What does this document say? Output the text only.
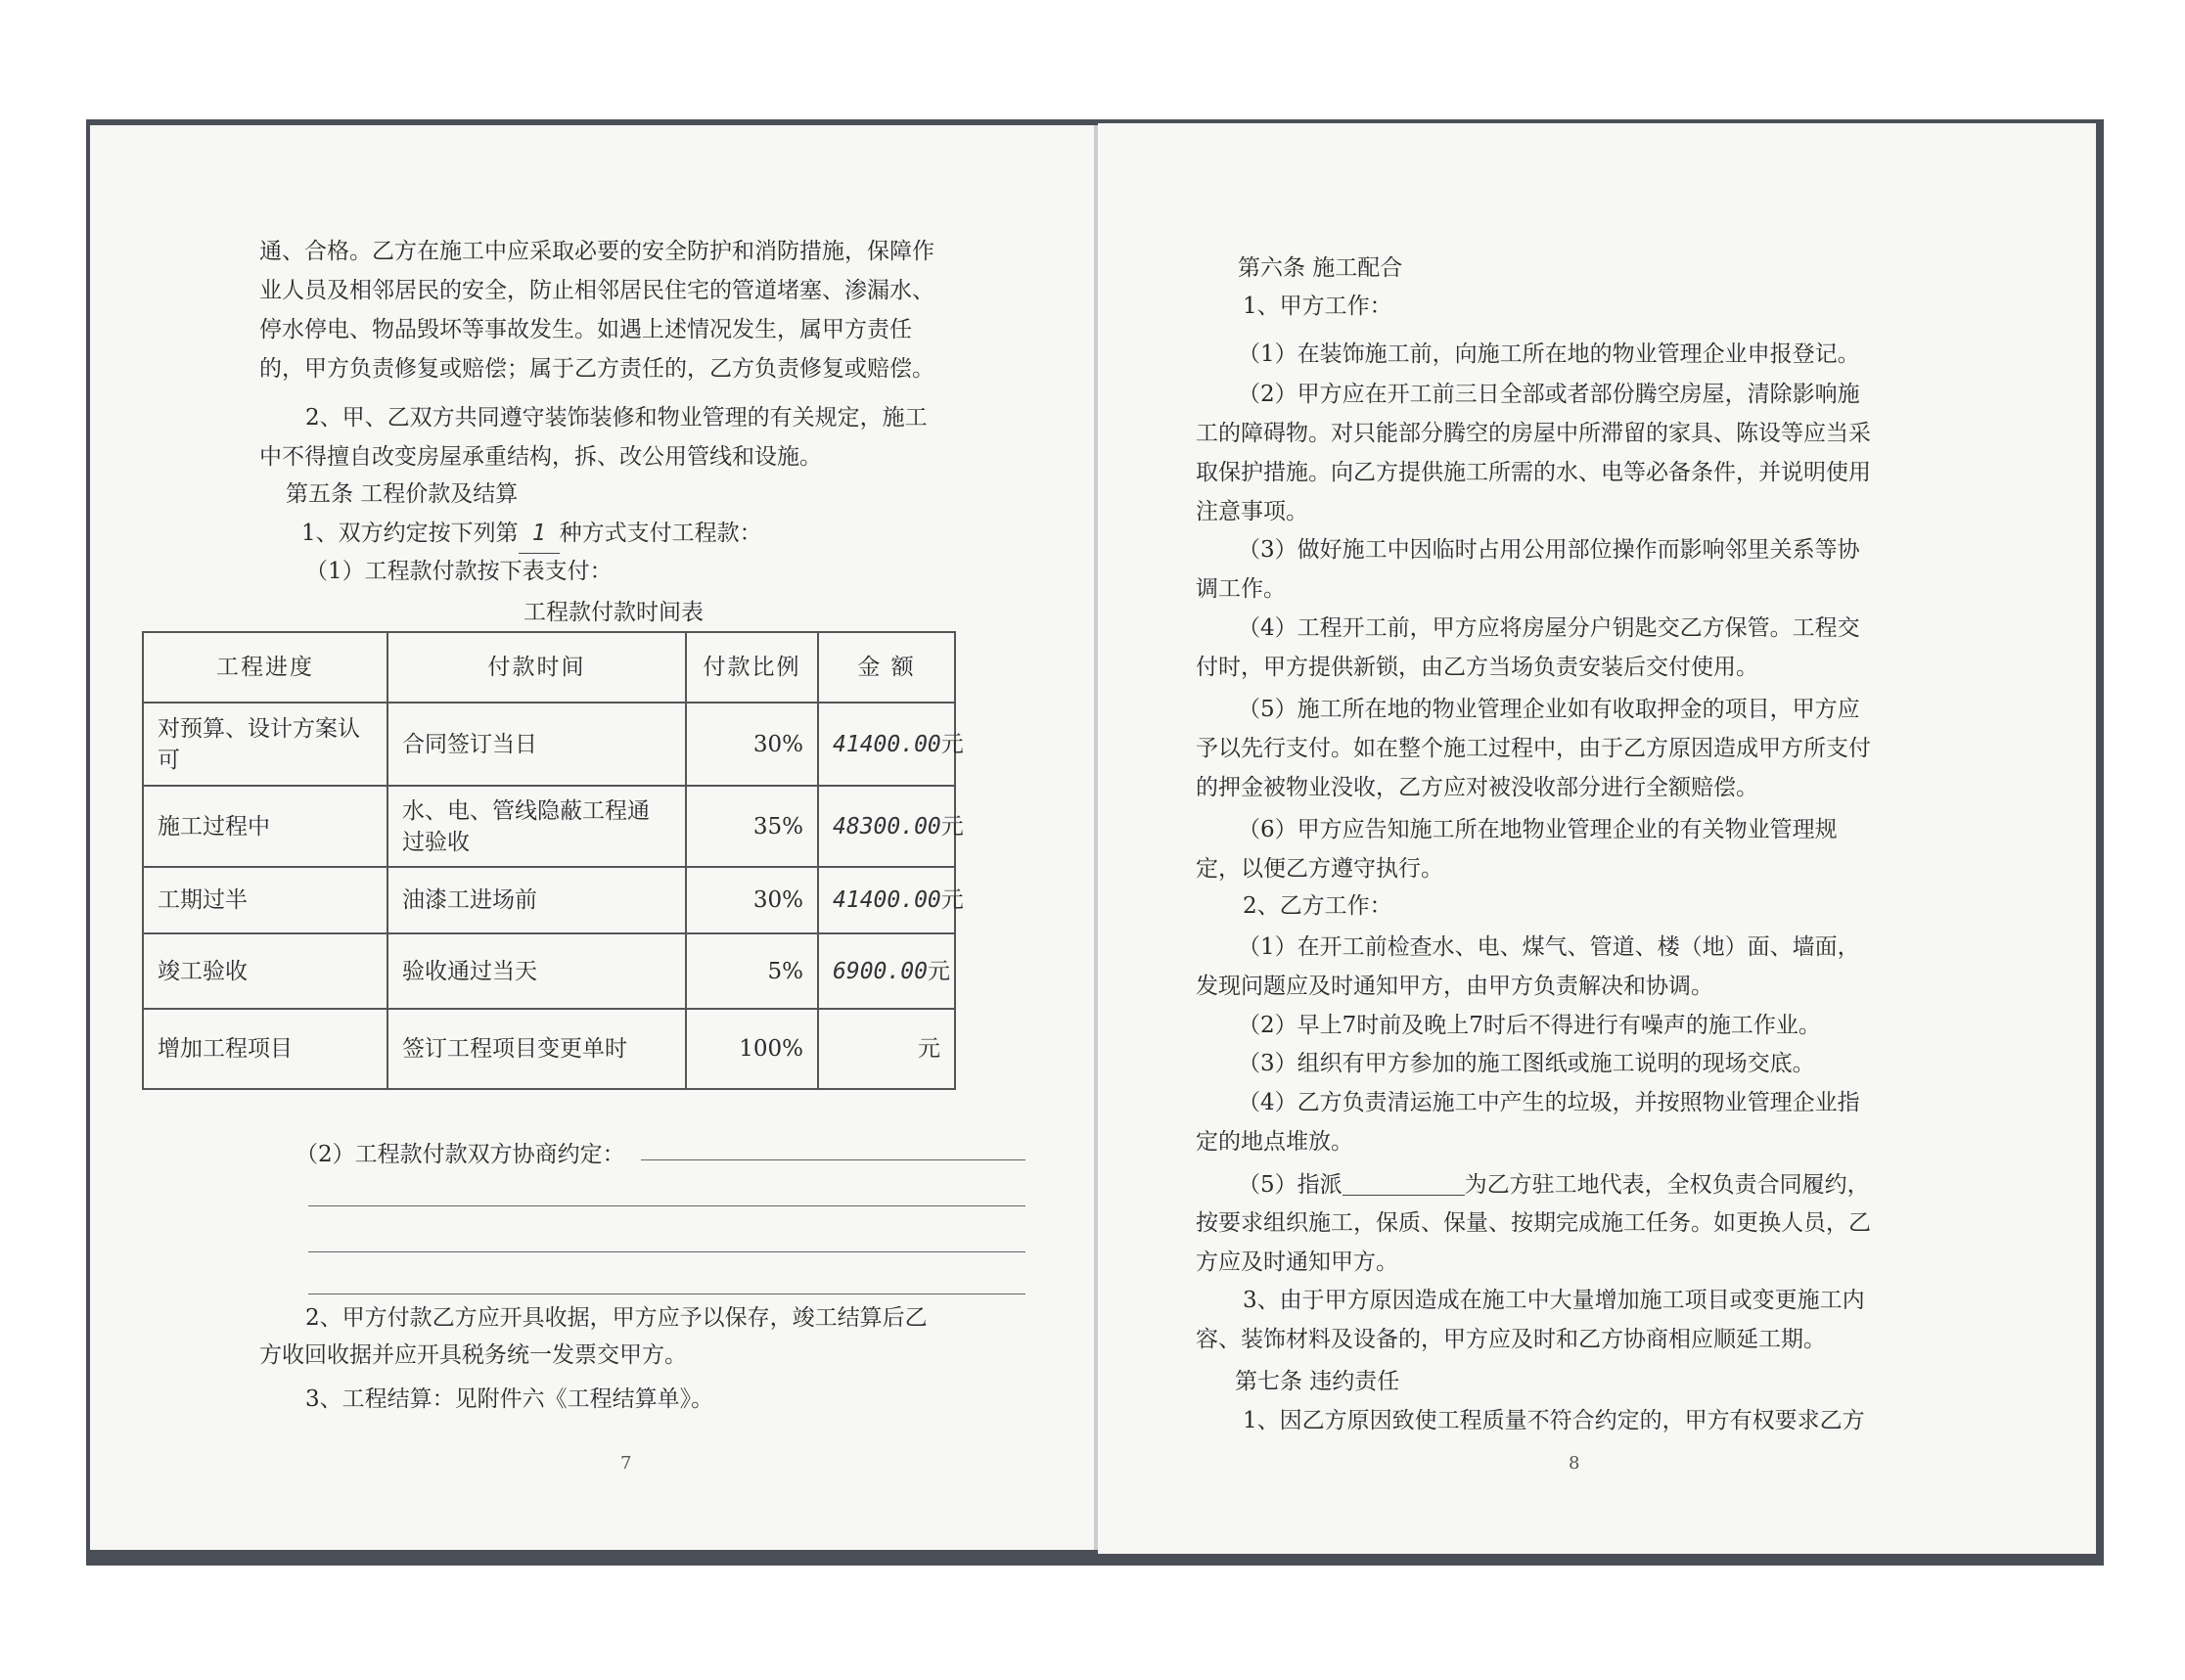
通、合格。乙方在施工中应采取必要的安全防护和消防措施，保障作
业人员及相邻居民的安全，防止相邻居民住宅的管道堵塞、渗漏水、
停水停电、物品毁坏等事故发生。如遇上述情况发生，属甲方责任
的，甲方负责修复或赔偿；属于乙方责任的，乙方负责修复或赔偿。
2、甲、乙双方共同遵守装饰装修和物业管理的有关规定，施工
中不得擅自改变房屋承重结构，拆、改公用管线和设施。
第五条 工程价款及结算
1、双方约定按下列第 1 种方式支付工程款：
（1）工程款付款按下表支付：
工程款付款时间表
工程进度	付款时间	付款比例	金 额
对预算、设计方案认可	合同签订当日	30%	41400.00元
施工过程中	水、电、管线隐蔽工程通过验收	35%	48300.00元
工期过半	油漆工进场前	30%	41400.00元
竣工验收	验收通过当天	5%	6900.00元
增加工程项目	签订工程项目变更单时	100%	元
（2）工程款付款双方协商约定：
2、甲方付款乙方应开具收据，甲方应予以保存，竣工结算后乙
方收回收据并应开具税务统一发票交甲方。
3、工程结算：见附件六《工程结算单》。
7
第六条 施工配合
1、甲方工作：
（1）在装饰施工前，向施工所在地的物业管理企业申报登记。
（2）甲方应在开工前三日全部或者部份腾空房屋，清除影响施
工的障碍物。对只能部分腾空的房屋中所滞留的家具、陈设等应当采
取保护措施。向乙方提供施工所需的水、电等必备条件，并说明使用
注意事项。
（3）做好施工中因临时占用公用部位操作而影响邻里关系等协
调工作。
（4）工程开工前，甲方应将房屋分户钥匙交乙方保管。工程交
付时，甲方提供新锁，由乙方当场负责安装后交付使用。
（5）施工所在地的物业管理企业如有收取押金的项目，甲方应
予以先行支付。如在整个施工过程中，由于乙方原因造成甲方所支付
的押金被物业没收，乙方应对被没收部分进行全额赔偿。
（6）甲方应告知施工所在地物业管理企业的有关物业管理规
定，以便乙方遵守执行。
2、乙方工作：
（1）在开工前检查水、电、煤气、管道、楼（地）面、墙面，
发现问题应及时通知甲方，由甲方负责解决和协调。
（2）早上7时前及晚上7时后不得进行有噪声的施工作业。
（3）组织有甲方参加的施工图纸或施工说明的现场交底。
（4）乙方负责清运施工中产生的垃圾，并按照物业管理企业指
定的地点堆放。
（5）指派	为乙方驻工地代表，全权负责合同履约，
按要求组织施工，保质、保量、按期完成施工任务。如更换人员，乙
方应及时通知甲方。
3、由于甲方原因造成在施工中大量增加施工项目或变更施工内
容、装饰材料及设备的，甲方应及时和乙方协商相应顺延工期。
第七条 违约责任
1、因乙方原因致使工程质量不符合约定的，甲方有权要求乙方
8
